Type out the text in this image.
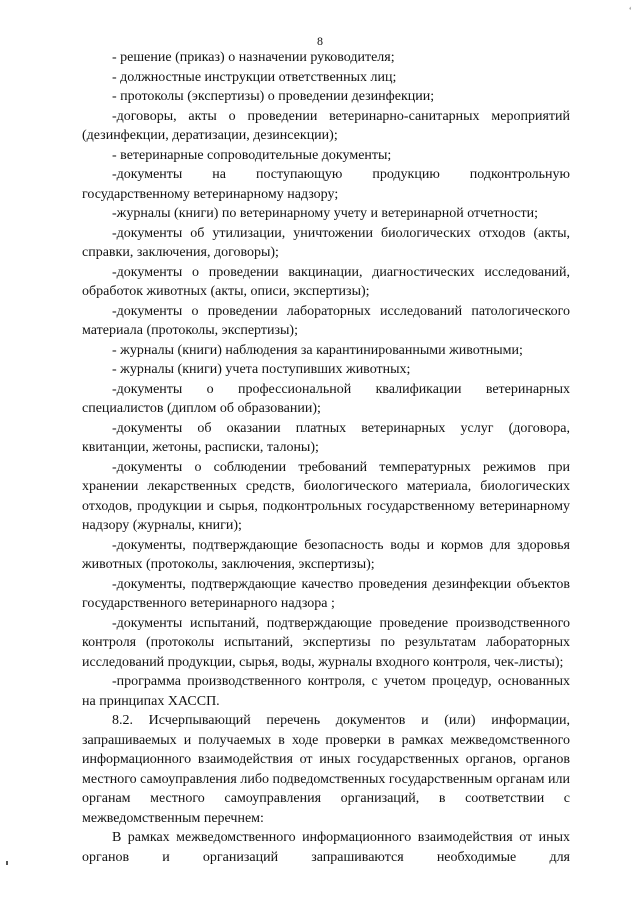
ʻ
8

- решение (приказ) о назначении руководителя;

- должностные инструкции ответственных лиц;

- протоколы (экспертизы) о проведении дезинфекции;

-договоры, акты о проведении ветеринарно-санитарных мероприятий (дезинфекции, дератизации, дезинсекции);

- ветеринарные сопроводительные документы;

-документы на поступающую продукцию подконтрольную государственному ветеринарному надзору;

-журналы (книги) по ветеринарному учету и ветеринарной отчетности;

-документы об утилизации, уничтожении биологических отходов (акты, справки, заключения, договоры);

-документы о проведении вакцинации, диагностических исследований, обработок животных (акты, описи, экспертизы);

-документы о проведении лабораторных исследований патологического материала (протоколы, экспертизы);

- журналы (книги) наблюдения за карантинированными животными;

- журналы (книги) учета поступивших животных;

-документы о профессиональной квалификации ветеринарных специалистов (диплом об образовании);

-документы об оказании платных ветеринарных услуг (договора, квитанции, жетоны, расписки, талоны);

-документы о соблюдении требований температурных режимов при хранении лекарственных средств, биологического материала, биологических отходов, продукции и сырья, подконтрольных государственному ветеринарному надзору (журналы, книги);

-документы, подтверждающие безопасность воды и кормов для здоровья животных (протоколы, заключения, экспертизы);

-документы, подтверждающие качество проведения дезинфекции объектов государственного ветеринарного надзора ;

-документы испытаний, подтверждающие проведение производственного контроля (протоколы испытаний, экспертизы по результатам лабораторных исследований продукции, сырья, воды, журналы входного контроля, чек-листы);

-программа производственного контроля, с учетом процедур, основанных на принципах ХАССП.

8.2. Исчерпывающий перечень документов и (или) информации, запрашиваемых и получаемых в ходе проверки в рамках межведомственного информационного взаимодействия от иных государственных органов, органов местного самоуправления либо подведомственных государственным органам или органам местного самоуправления организаций, в соответствии с межведомственным перечнем:

В рамках межведомственного информационного взаимодействия от иных органов и организаций запрашиваются необходимые для
